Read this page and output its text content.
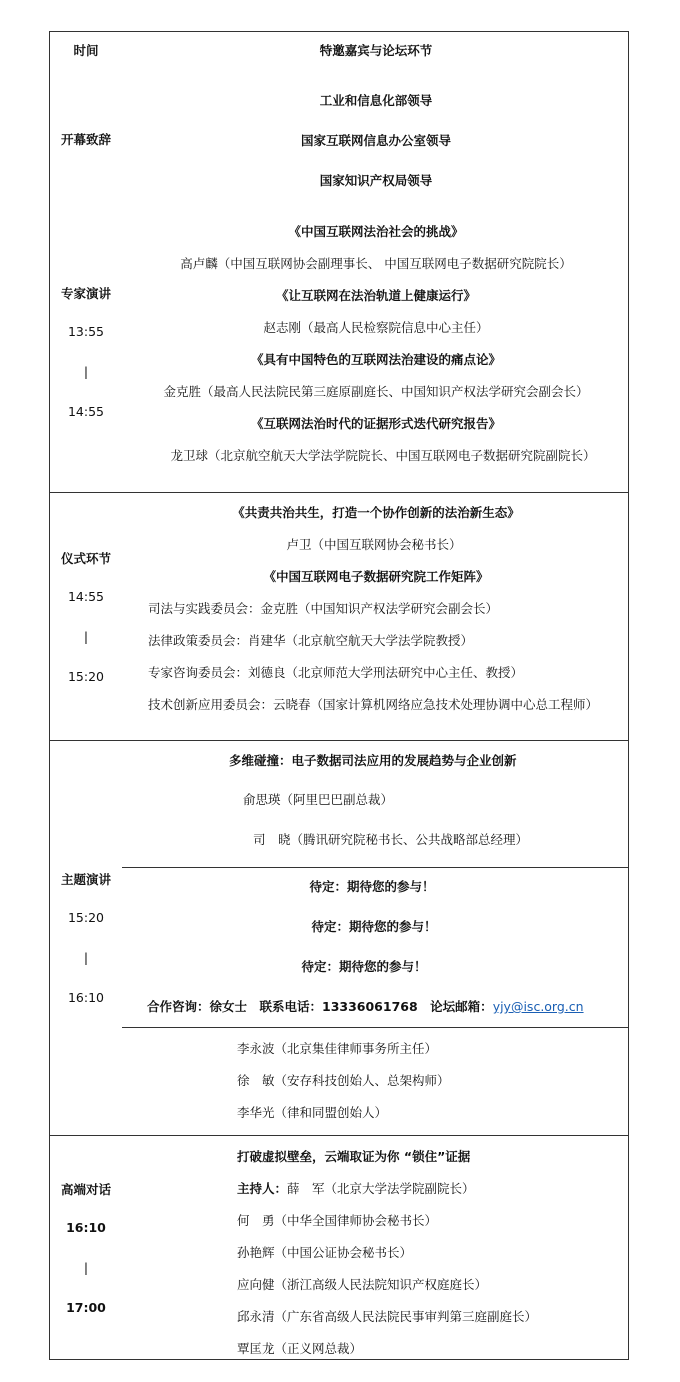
时间	特邀嘉宾与论坛环节
开幕致辞
工业和信息化部领导
国家互联网信息办公室领导
国家知识产权局领导
专家演讲
13:55
|
14:55
《中国互联网法治社会的挑战》
高卢麟（中国互联网协会副理事长、 中国互联网电子数据研究院院长）
《让互联网在法治轨道上健康运行》
赵志刚（最高人民检察院信息中心主任）
《具有中国特色的互联网法治建设的痛点论》
金克胜（最高人民法院民第三庭原副庭长、中国知识产权法学研究会副会长）
《互联网法治时代的证据形式迭代研究报告》
龙卫球（北京航空航天大学法学院院长、中国互联网电子数据研究院副院长）
仪式环节
14:55
|
15:20
《共责共治共生，打造一个协作创新的法治新生态》
卢卫（中国互联网协会秘书长）
《中国互联网电子数据研究院工作矩阵》
司法与实践委员会：金克胜（中国知识产权法学研究会副会长）
法律政策委员会：肖建华（北京航空航天大学法学院教授）
专家咨询委员会：刘德良（北京师范大学刑法研究中心主任、教授）
技术创新应用委员会：云晓春（国家计算机网络应急技术处理协调中心总工程师）
主题演讲
15:20
|
16:10
多维碰撞：电子数据司法应用的发展趋势与企业创新
俞思瑛（阿里巴巴副总裁）
司　晓（腾讯研究院秘书长、公共战略部总经理）
待定：期待您的参与！
待定：期待您的参与！
待定：期待您的参与！
合作咨询：徐女士　联系电话：13336061768　论坛邮箱：yjy@isc.org.cn
李永波（北京集佳律师事务所主任）
徐　敏（安存科技创始人、总架构师）
李华光（律和同盟创始人）
高端对话
16:10
|
17:00
打破虚拟壁垒，云端取证为你 “锁住”证据
主持人：薛　军（北京大学法学院副院长）
何　勇（中华全国律师协会秘书长）
孙艳辉（中国公证协会秘书长）
应向健（浙江高级人民法院知识产权庭庭长）
邱永清（广东省高级人民法院民事审判第三庭副庭长）
覃匡龙（正义网总裁）
